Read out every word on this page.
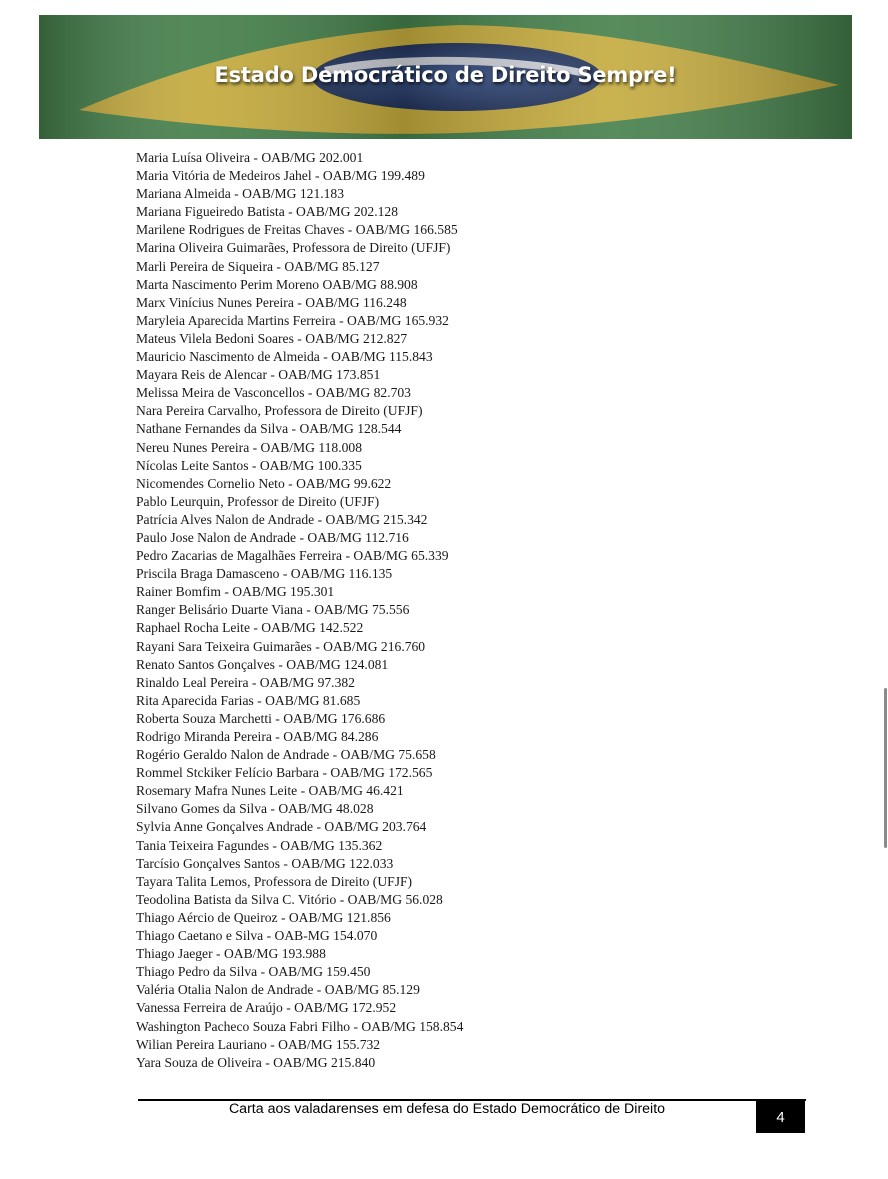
Estado Democrático de Direito Sempre!
Maria Luísa Oliveira - OAB/MG 202.001
Maria Vitória de Medeiros Jahel - OAB/MG 199.489
Mariana Almeida - OAB/MG 121.183
Mariana Figueiredo Batista - OAB/MG 202.128
Marilene Rodrigues de Freitas Chaves - OAB/MG 166.585
Marina Oliveira Guimarães, Professora de Direito (UFJF)
Marli Pereira de Siqueira - OAB/MG 85.127
Marta Nascimento Perim Moreno OAB/MG 88.908
Marx Vinícius Nunes Pereira - OAB/MG 116.248
Maryleia Aparecida Martins Ferreira - OAB/MG 165.932
Mateus Vilela Bedoni Soares - OAB/MG 212.827
Mauricio Nascimento de Almeida - OAB/MG 115.843
Mayara Reis de Alencar - OAB/MG 173.851
Melissa Meira de Vasconcellos - OAB/MG 82.703
Nara Pereira Carvalho, Professora de Direito (UFJF)
Nathane Fernandes da Silva - OAB/MG 128.544
Nereu Nunes Pereira - OAB/MG 118.008
Nícolas Leite Santos - OAB/MG 100.335
Nicomendes Cornelio Neto - OAB/MG 99.622
Pablo Leurquin, Professor de Direito (UFJF)
Patrícia Alves Nalon de Andrade - OAB/MG 215.342
Paulo Jose Nalon de Andrade - OAB/MG 112.716
Pedro Zacarias de Magalhães Ferreira - OAB/MG 65.339
Priscila Braga Damasceno - OAB/MG 116.135
Rainer Bomfim - OAB/MG 195.301
Ranger Belisário Duarte Viana - OAB/MG 75.556
Raphael Rocha Leite - OAB/MG 142.522
Rayani Sara Teixeira Guimarães - OAB/MG 216.760
Renato Santos Gonçalves - OAB/MG 124.081
Rinaldo Leal Pereira - OAB/MG 97.382
Rita Aparecida Farias - OAB/MG 81.685
Roberta Souza Marchetti - OAB/MG 176.686
Rodrigo Miranda Pereira - OAB/MG 84.286
Rogério Geraldo Nalon de Andrade - OAB/MG 75.658
Rommel Stckiker Felício Barbara - OAB/MG 172.565
Rosemary Mafra Nunes Leite - OAB/MG 46.421
Silvano Gomes da Silva - OAB/MG 48.028
Sylvia Anne Gonçalves Andrade - OAB/MG 203.764
Tania Teixeira Fagundes - OAB/MG 135.362
Tarcísio Gonçalves Santos - OAB/MG 122.033
Tayara Talita Lemos, Professora de Direito (UFJF)
Teodolina Batista da Silva C. Vitório - OAB/MG 56.028
Thiago Aércio de Queiroz - OAB/MG 121.856
Thiago Caetano e Silva - OAB-MG 154.070
Thiago Jaeger - OAB/MG 193.988
Thiago Pedro da Silva - OAB/MG 159.450
Valéria Otalia Nalon de Andrade - OAB/MG 85.129
Vanessa Ferreira de Araújo - OAB/MG 172.952
Washington Pacheco Souza Fabri Filho - OAB/MG 158.854
Wilian Pereira Lauriano - OAB/MG 155.732
Yara Souza de Oliveira - OAB/MG 215.840
Carta aos valadarenses em defesa do Estado Democrático de Direito	4
